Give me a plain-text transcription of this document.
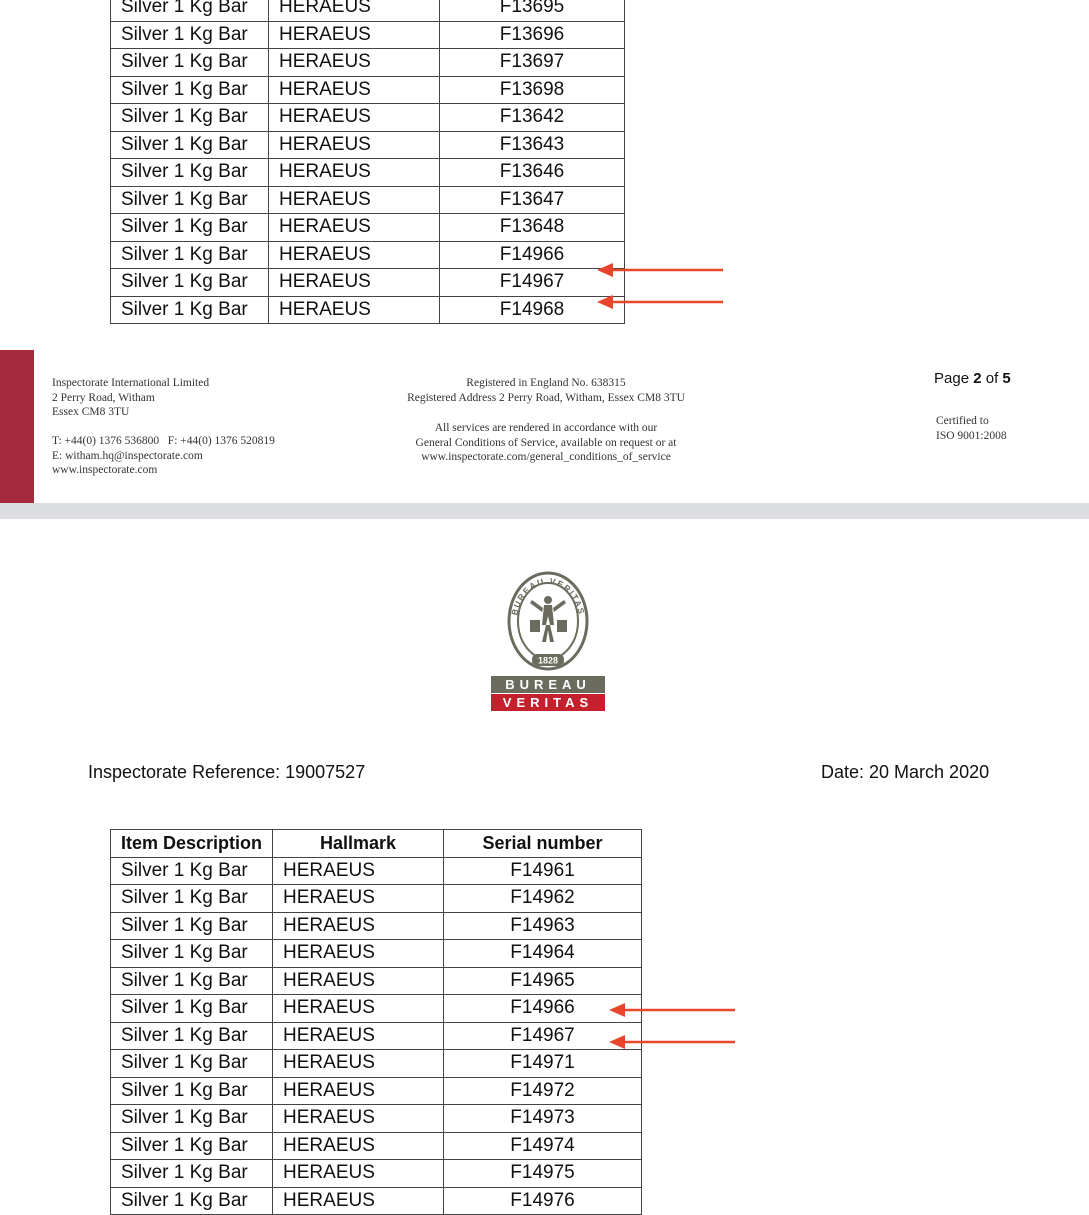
Silver 1 Kg Bar	HERAEUS	F13695
Silver 1 Kg Bar	HERAEUS	F13696
Silver 1 Kg Bar	HERAEUS	F13697
Silver 1 Kg Bar	HERAEUS	F13698
Silver 1 Kg Bar	HERAEUS	F13642
Silver 1 Kg Bar	HERAEUS	F13643
Silver 1 Kg Bar	HERAEUS	F13646
Silver 1 Kg Bar	HERAEUS	F13647
Silver 1 Kg Bar	HERAEUS	F13648
Silver 1 Kg Bar	HERAEUS	F14966
Silver 1 Kg Bar	HERAEUS	F14967
Silver 1 Kg Bar	HERAEUS	F14968
Inspectorate International Limited
2 Perry Road, Witham
Essex CM8 3TU
T: +44(0) 1376 536800   F: +44(0) 1376 520819
E: witham.hq@inspectorate.com
www.inspectorate.com
Registered in England No. 638315
Registered Address 2 Perry Road, Witham, Essex CM8 3TU
All services are rendered in accordance with our
General Conditions of Service, available on request or at
www.inspectorate.com/general_conditions_of_service
Page 2 of 5
Certified to
ISO 9001:2008
BUREAU VERITAS
1828
BUREAU
VERITAS
Inspectorate Reference: 19007527	Date: 20 March 2020
Item Description	Hallmark	Serial number
Silver 1 Kg Bar	HERAEUS	F14961
Silver 1 Kg Bar	HERAEUS	F14962
Silver 1 Kg Bar	HERAEUS	F14963
Silver 1 Kg Bar	HERAEUS	F14964
Silver 1 Kg Bar	HERAEUS	F14965
Silver 1 Kg Bar	HERAEUS	F14966
Silver 1 Kg Bar	HERAEUS	F14967
Silver 1 Kg Bar	HERAEUS	F14971
Silver 1 Kg Bar	HERAEUS	F14972
Silver 1 Kg Bar	HERAEUS	F14973
Silver 1 Kg Bar	HERAEUS	F14974
Silver 1 Kg Bar	HERAEUS	F14975
Silver 1 Kg Bar	HERAEUS	F14976
